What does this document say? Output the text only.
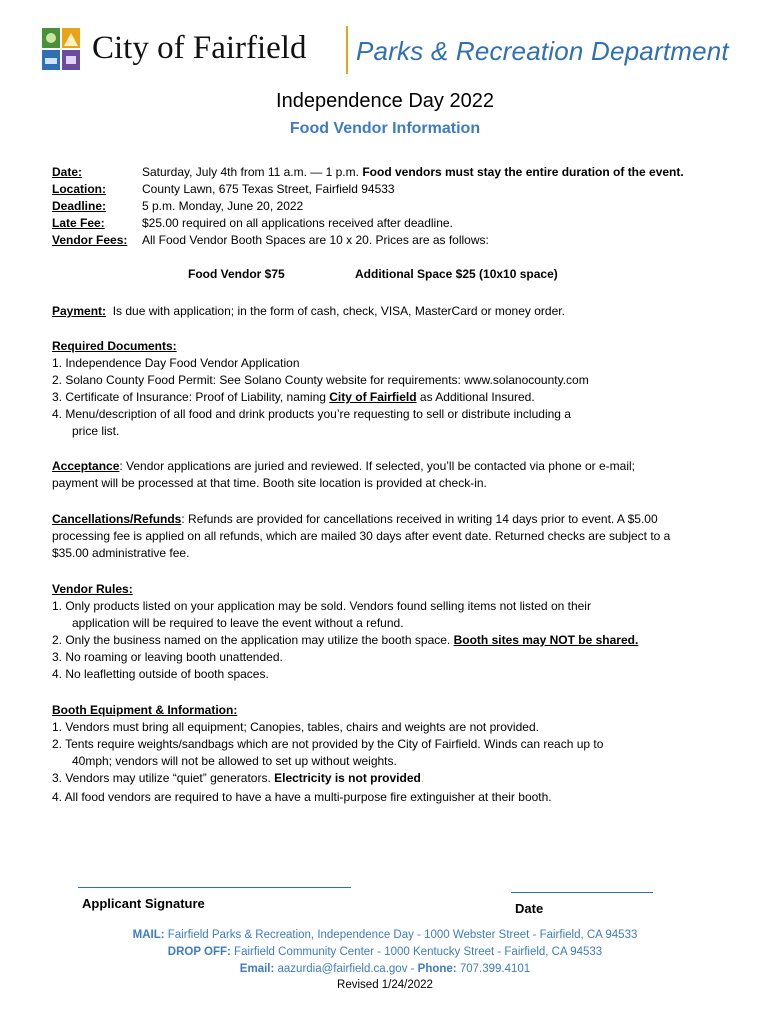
City of Fairfield Parks & Recreation Department
Independence Day 2022
Food Vendor Information
Date:	Saturday, July 4th from 11 a.m. — 1 p.m. Food vendors must stay the entire duration of the event.
Location:	County Lawn, 675 Texas Street, Fairfield 94533
Deadline:	5 p.m. Monday, June 20, 2022
Late Fee:	$25.00 required on all applications received after deadline.
Vendor Fees: All Food Vendor Booth Spaces are 10 x 20. Prices are as follows:
Food Vendor $75	Additional Space $25 (10x10 space)
Payment: Is due with application; in the form of cash, check, VISA, MasterCard or money order.
Required Documents:
1. Independence Day Food Vendor Application
2. Solano County Food Permit: See Solano County website for requirements: www.solanocounty.com
3. Certificate of Insurance: Proof of Liability, naming City of Fairfield as Additional Insured.
4. Menu/description of all food and drink products you’re requesting to sell or distribute including a
price list.
Acceptance: Vendor applications are juried and reviewed. If selected, you’ll be contacted via phone or e-mail;
payment will be processed at that time. Booth site location is provided at check-in.
Cancellations/Refunds: Refunds are provided for cancellations received in writing 14 days prior to event. A $5.00
processing fee is applied on all refunds, which are mailed 30 days after event date. Returned checks are subject to a
$35.00 administrative fee.
Vendor Rules:
1. Only products listed on your application may be sold. Vendors found selling items not listed on their
application will be required to leave the event without a refund.
2. Only the business named on the application may utilize the booth space. Booth sites may NOT be shared.
3. No roaming or leaving booth unattended.
4. No leafletting outside of booth spaces.
Booth Equipment & Information:
1. Vendors must bring all equipment; Canopies, tables, chairs and weights are not provided.
2. Tents require weights/sandbags which are not provided by the City of Fairfield. Winds can reach up to
40mph; vendors will not be allowed to set up without weights.
3. Vendors may utilize “quiet” generators. Electricity is not provided.
4. All food vendors are required to have a have a multi-purpose fire extinguisher at their booth.
Applicant Signature	Date
MAIL: Fairfield Parks & Recreation, Independence Day - 1000 Webster Street - Fairfield, CA 94533
DROP OFF: Fairfield Community Center - 1000 Kentucky Street - Fairfield, CA 94533
Email: aazurdia@fairfield.ca.gov - Phone: 707.399.4101
Revised 1/24/2022
